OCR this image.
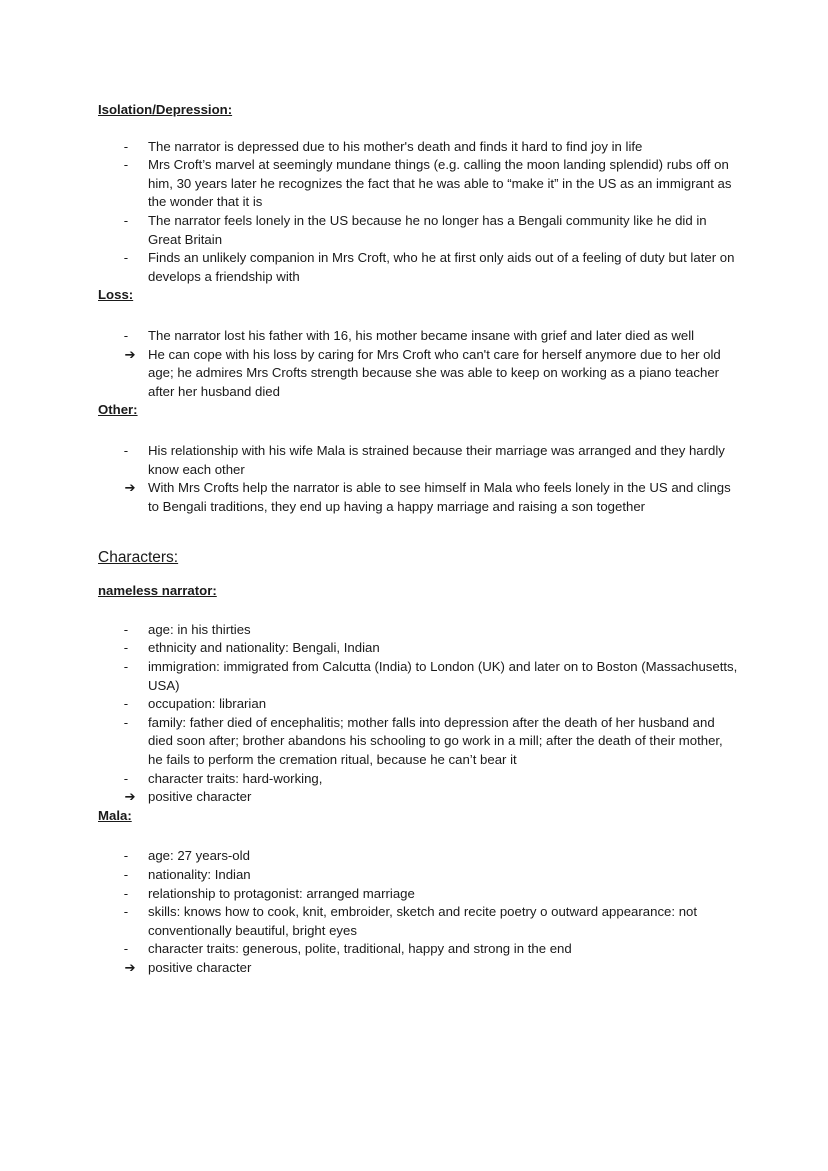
Isolation/Depression:
- The narrator is depressed due to his mother's death and finds it hard to find joy in life
- Mrs Croft’s marvel at seemingly mundane things (e.g. calling the moon landing splendid) rubs off on him, 30 years later he recognizes the fact that he was able to “make it” in the US as an immigrant as the wonder that it is
- The narrator feels lonely in the US because he no longer has a Bengali community like he did in Great Britain
- Finds an unlikely companion in Mrs Croft, who he at first only aids out of a feeling of duty but later on develops a friendship with
Loss:
- The narrator lost his father with 16, his mother became insane with grief and later died as well
➔ He can cope with his loss by caring for Mrs Croft who can't care for herself anymore due to her old age; he admires Mrs Crofts strength because she was able to keep on working as a piano teacher after her husband died
Other:
- His relationship with his wife Mala is strained because their marriage was arranged and they hardly know each other
➔ With Mrs Crofts help the narrator is able to see himself in Mala who feels lonely in the US and clings to Bengali traditions, they end up having a happy marriage and raising a son together
Characters:
nameless narrator:
- age: in his thirties
- ethnicity and nationality: Bengali, Indian
- immigration: immigrated from Calcutta (India) to London (UK) and later on to Boston (Massachusetts, USA)
- occupation: librarian
- family: father died of encephalitis; mother falls into depression after the death of her husband and died soon after; brother abandons his schooling to go work in a mill; after the death of their mother, he fails to perform the cremation ritual, because he can’t bear it
- character traits: hard-working,
➔ positive character
Mala:
- age: 27 years-old
- nationality: Indian
- relationship to protagonist: arranged marriage
- skills: knows how to cook, knit, embroider, sketch and recite poetry o outward appearance: not conventionally beautiful, bright eyes
- character traits: generous, polite, traditional, happy and strong in the end
➔ positive character
